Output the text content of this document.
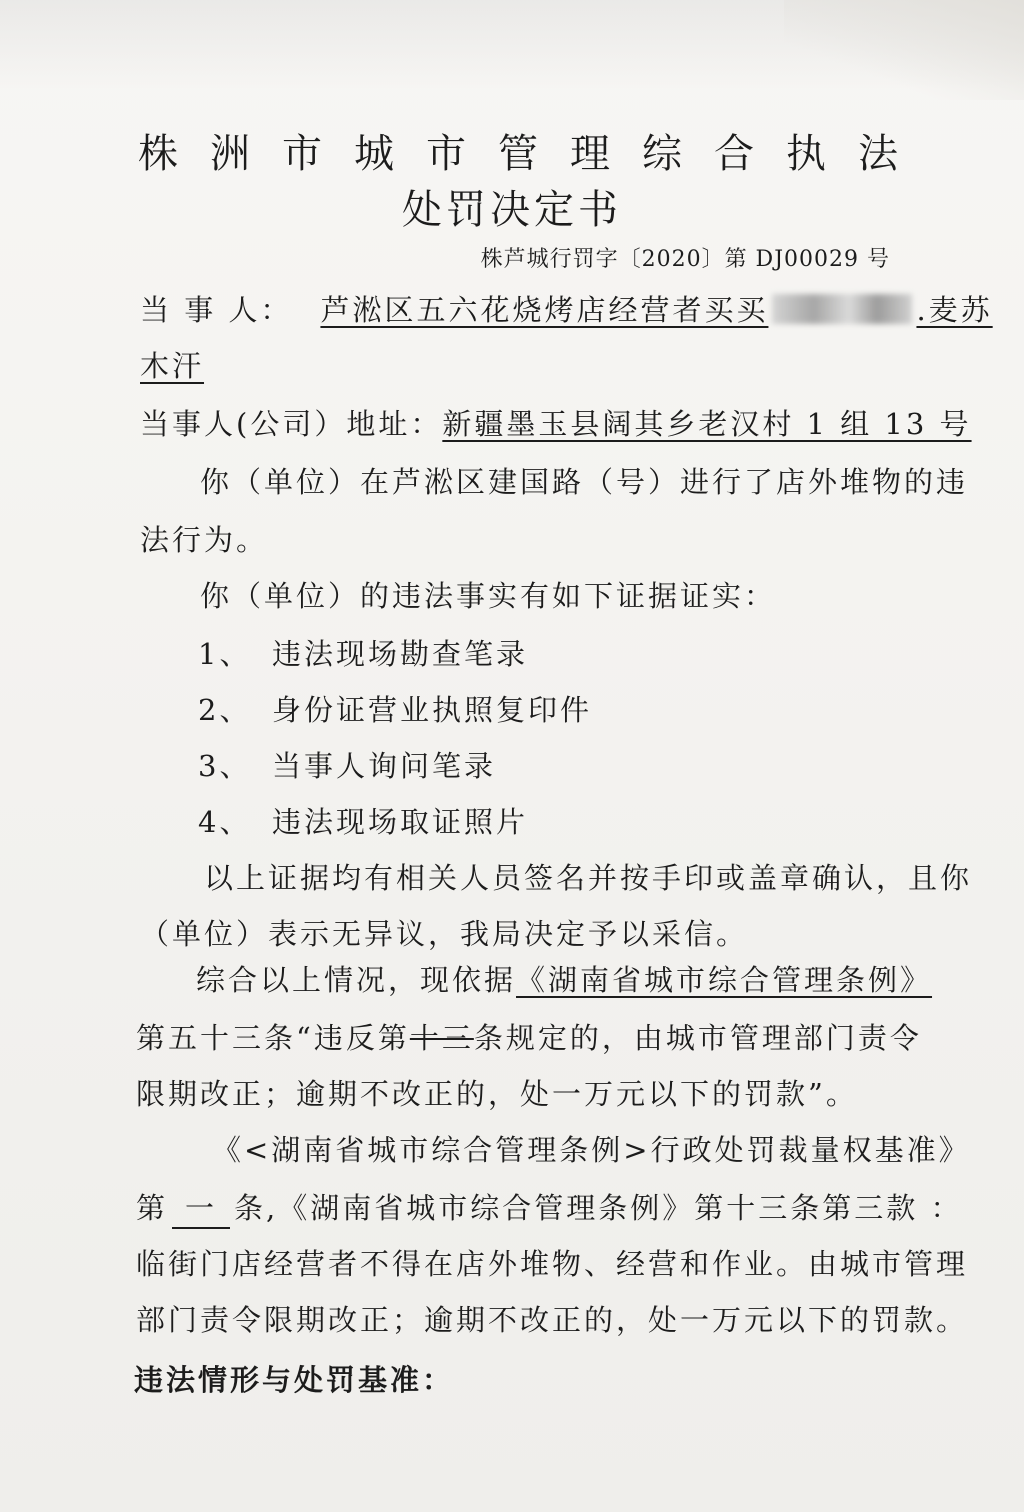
株 洲 市 城 市 管 理 综 合 执 法
处罚决定书
株芦城行罚字〔2020〕第 DJ00029 号
当 事 人： 芦淞区五六花烧烤店经营者买买	.麦苏
木汗
当事人(公司）地址：新疆墨玉县阔其乡老汉村 1 组 13 号
你（单位）在芦淞区建国路（号）进行了店外堆物的违
法行为。
你（单位）的违法事实有如下证据证实：
1、 违法现场勘查笔录
2、 身份证营业执照复印件
3、 当事人询问笔录
4、 违法现场取证照片
以上证据均有相关人员签名并按手印或盖章确认，且你
（单位）表示无异议，我局决定予以采信。
综合以上情况，现依据《湖南省城市综合管理条例》
第五十三条“违反第十三条规定的，由城市管理部门责令
限期改正；逾期不改正的，处一万元以下的罚款”。
《<湖南省城市综合管理条例>行政处罚裁量权基准》
第 一 条,《湖南省城市综合管理条例》第十三条第三款 ：
临街门店经营者不得在店外堆物、经营和作业。由城市管理
部门责令限期改正；逾期不改正的，处一万元以下的罚款。
违法情形与处罚基准：
